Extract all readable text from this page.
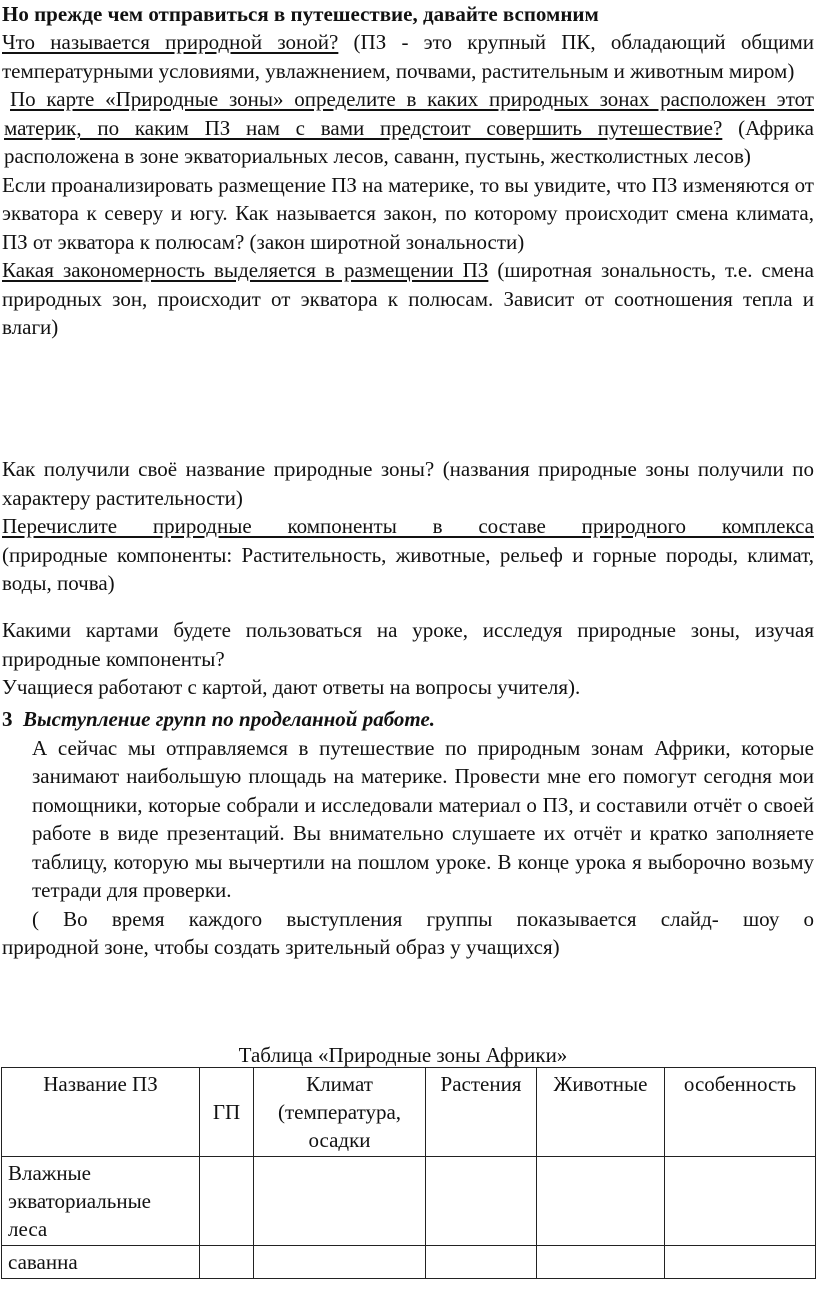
Но прежде чем отправиться в путешествие, давайте вспомним

Что называется природной зоной? (ПЗ - это крупный ПК, обладающий общими температурными условиями, увлажнением, почвами, растительным и животным миром)

По карте «Природные зоны» определите в каких природных зонах расположен этот материк, по каким ПЗ нам с вами предстоит совершить путешествие? (Африка расположена в зоне экваториальных лесов, саванн, пустынь, жестколистных лесов)

Если проанализировать размещение ПЗ на материке, то вы увидите, что ПЗ изменяются от экватора к северу и югу. Как называется закон, по которому происходит смена климата, ПЗ от экватора к полюсам? (закон широтной зональности)

Какая закономерность выделяется в размещении ПЗ (широтная зональность, т.е. смена природных зон, происходит от экватора к полюсам. Зависит от соотношения тепла и влаги)

Как получили своё название природные зоны? (названия природные зоны получили по характеру растительности)

Перечислите природные компоненты в составе природного комплекса

(природные компоненты: Растительность, животные, рельеф и горные породы, климат, воды, почва)

Какими картами будете пользоваться на уроке, исследуя природные зоны, изучая природные компоненты?

Учащиеся работают с картой, дают ответы на вопросы учителя).

3 Выступление групп по проделанной работе.

А сейчас мы отправляемся в путешествие по природным зонам Африки, которые занимают наибольшую площадь на материке. Провести мне его помогут сегодня мои помощники, которые собрали и исследовали материал о ПЗ, и составили отчёт о своей работе в виде презентаций. Вы внимательно слушаете их отчёт и кратко заполняете таблицу, которую мы вычертили на пошлом уроке. В конце урока я выборочно возьму тетради для проверки.

( Во время каждого выступления группы показывается слайд- шоу о

природной зоне, чтобы создать зрительный образ у учащихся)

Таблица «Природные зоны Африки»
Название ПЗ	ГП	Климат (температура, осадки	Растения	Животные	особенность
Влажные экваториальные леса					
саванна					
